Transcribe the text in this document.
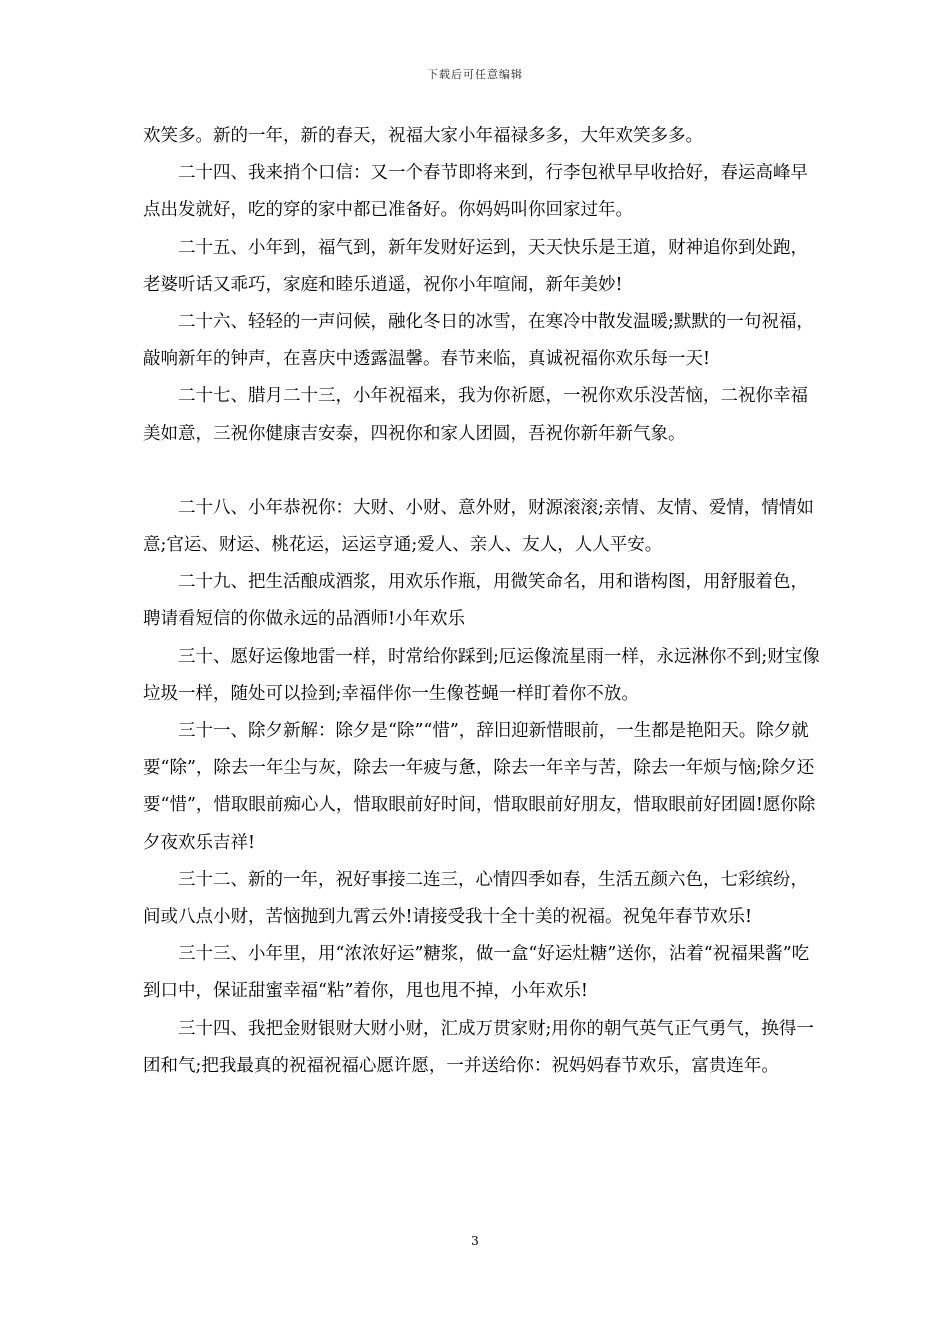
下载后可任意编辑

欢笑多。新的一年，新的春天，祝福大家小年福禄多多，大年欢笑多多。

二十四、我来捎个口信：又一个春节即将来到，行李包袱早早收拾好，春运高峰早点出发就好，吃的穿的家中都已准备好。你妈妈叫你回家过年。

二十五、小年到，福气到，新年发财好运到，天天快乐是王道，财神追你到处跑，老婆听话又乖巧，家庭和睦乐逍遥，祝你小年喧闹，新年美妙!

二十六、轻轻的一声问候，融化冬日的冰雪，在寒冷中散发温暖;默默的一句祝福，敲响新年的钟声，在喜庆中透露温馨。春节来临，真诚祝福你欢乐每一天!

二十七、腊月二十三，小年祝福来，我为你祈愿，一祝你欢乐没苦恼，二祝你幸福美如意，三祝你健康吉安泰，四祝你和家人团圆，吾祝你新年新气象。

二十八、小年恭祝你：大财、小财、意外财，财源滚滚;亲情、友情、爱情，情情如意;官运、财运、桃花运，运运亨通;爱人、亲人、友人，人人平安。

二十九、把生活酿成酒浆，用欢乐作瓶，用微笑命名，用和谐构图，用舒服着色，聘请看短信的你做永远的品酒师!小年欢乐

三十、愿好运像地雷一样，时常给你踩到;厄运像流星雨一样，永远淋你不到;财宝像垃圾一样，随处可以捡到;幸福伴你一生像苍蝇一样盯着你不放。

三十一、除夕新解：除夕是“除”“惜”，辞旧迎新惜眼前，一生都是艳阳天。除夕就要“除”，除去一年尘与灰，除去一年疲与惫，除去一年辛与苦，除去一年烦与恼;除夕还要“惜”，惜取眼前痴心人，惜取眼前好时间，惜取眼前好朋友，惜取眼前好团圆!愿你除夕夜欢乐吉祥!

三十二、新的一年，祝好事接二连三，心情四季如春，生活五颜六色，七彩缤纷，间或八点小财，苦恼抛到九霄云外!请接受我十全十美的祝福。祝兔年春节欢乐!

三十三、小年里，用“浓浓好运”糖浆，做一盒“好运灶糖”送你，沾着“祝福果酱”吃到口中，保证甜蜜幸福“粘”着你，甩也甩不掉，小年欢乐!

三十四、我把金财银财大财小财，汇成万贯家财;用你的朝气英气正气勇气，换得一团和气;把我最真的祝福祝福心愿许愿，一并送给你：祝妈妈春节欢乐，富贵连年。

3
